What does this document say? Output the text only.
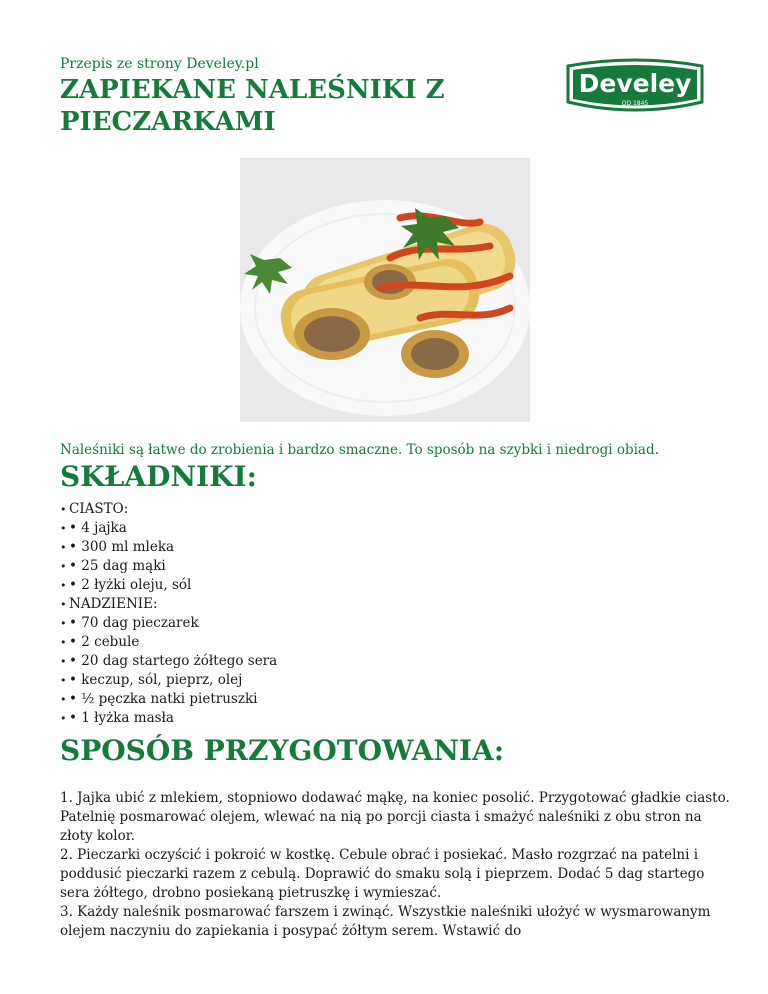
Przepis ze strony Develey.pl
ZAPIEKANE NALEŚNIKI Z PIECZARKAMI
Develey
OD 1845
Naleśniki są łatwe do zrobienia i bardzo smaczne. To sposób na szybki i niedrogi obiad.
SKŁADNIKI:
• CIASTO:
• • 4 jajka
• • 300 ml mleka
• • 25 dag mąki
• • 2 łyżki oleju, sól
• NADZIENIE:
• • 70 dag pieczarek
• • 2 cebule
• • 20 dag startego żółtego sera
• • keczup, sól, pieprz, olej
• • ½ pęczka natki pietruszki
• • 1 łyżka masła
SPOSÓB PRZYGOTOWANIA:

1. Jajka ubić z mlekiem, stopniowo dodawać mąkę, na koniec posolić. Przygotować gładkie ciasto. Patelnię posmarować olejem, wlewać na nią po porcji ciasta i smażyć naleśniki z obu stron na złoty kolor.

2. Pieczarki oczyścić i pokroić w kostkę. Cebule obrać i posiekać. Masło rozgrzać na patelni i poddusić pieczarki razem z cebulą. Doprawić do smaku solą i pieprzem. Dodać 5 dag startego sera żółtego, drobno posiekaną pietruszkę i wymieszać.

3. Każdy naleśnik posmarować farszem i zwinąć. Wszystkie naleśniki ułożyć w wysmarowanym olejem naczyniu do zapiekania i posypać żółtym serem. Wstawić do
